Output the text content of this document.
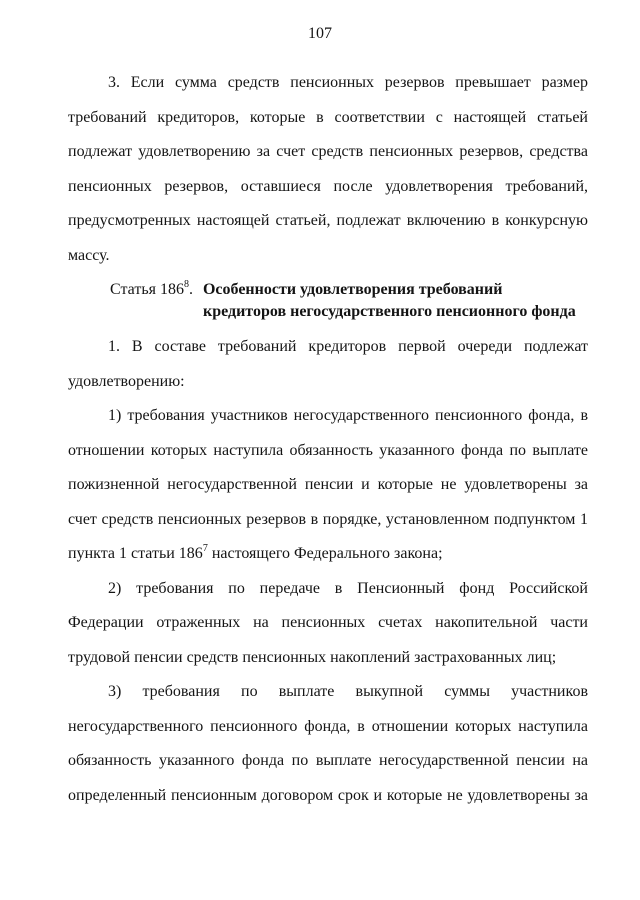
107
3. Если сумма средств пенсионных резервов превышает размер
требований кредиторов, которые в соответствии с настоящей статьей
подлежат удовлетворению за счет средств пенсионных резервов, средства
пенсионных резервов, оставшиеся после удовлетворения требований,
предусмотренных настоящей статьей, подлежат включению в конкурсную
массу.
Статья $186^8$. Особенности удовлетворения требований
кредиторов негосударственного пенсионного фонда
1. В составе требований кредиторов первой очереди подлежат
удовлетворению:
1) требования участников негосударственного пенсионного фонда, в
отношении которых наступила обязанность указанного фонда по выплате
пожизненной негосударственной пенсии и которые не удовлетворены за
счет средств пенсионных резервов в порядке, установленном подпунктом 1
пункта 1 статьи $186^7$ настоящего Федерального закона;
2) требования по передаче в Пенсионный фонд Российской
Федерации отраженных на пенсионных счетах накопительной части
трудовой пенсии средств пенсионных накоплений застрахованных лиц;
3) требования по выплате выкупной суммы участников
негосударственного пенсионного фонда, в отношении которых наступила
обязанность указанного фонда по выплате негосударственной пенсии на
определенный пенсионным договором срок и которые не удовлетворены за
